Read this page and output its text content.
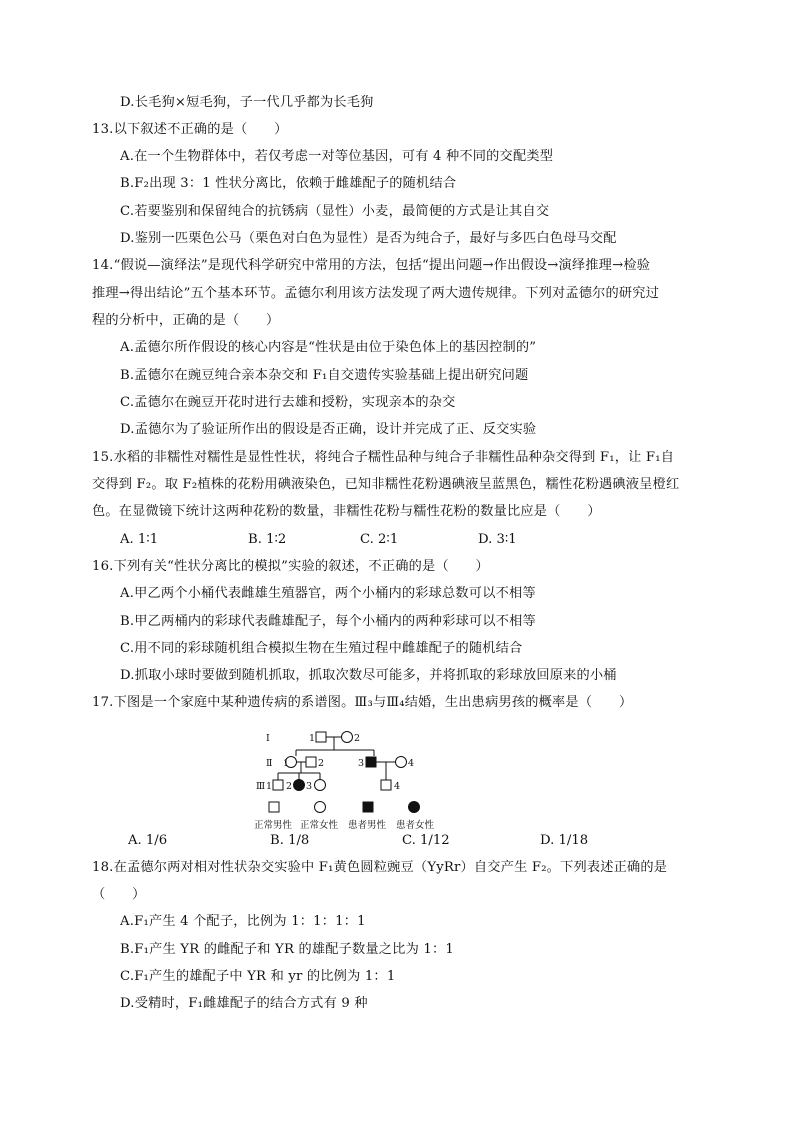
D.长毛狗×短毛狗，子一代几乎都为长毛狗
13.以下叙述不正确的是（　　）
A.在一个生物群体中，若仅考虑一对等位基因，可有 4 种不同的交配类型
B.F₂出现 3：1 性状分离比，依赖于雌雄配子的随机结合
C.若要鉴别和保留纯合的抗锈病（显性）小麦，最简便的方式是让其自交
D.鉴别一匹栗色公马（栗色对白色为显性）是否为纯合子，最好与多匹白色母马交配
14.“假说—演绎法”是现代科学研究中常用的方法，包括“提出问题→作出假设→演绎推理→检验
推理→得出结论”五个基本环节。孟德尔利用该方法发现了两大遗传规律。下列对孟德尔的研究过
程的分析中，正确的是（　　）
A.孟德尔所作假设的核心内容是“性状是由位于染色体上的基因控制的”
B.孟德尔在豌豆纯合亲本杂交和 F₁自交遗传实验基础上提出研究问题
C.孟德尔在豌豆开花时进行去雄和授粉，实现亲本的杂交
D.孟德尔为了验证所作出的假设是否正确，设计并完成了正、反交实验
15.水稻的非糯性对糯性是显性性状，将纯合子糯性品种与纯合子非糯性品种杂交得到 F₁，让 F₁自
交得到 F₂。取 F₂植株的花粉用碘液染色，已知非糯性花粉遇碘液呈蓝黑色，糯性花粉遇碘液呈橙红
色。在显微镜下统计这两种花粉的数量，非糯性花粉与糯性花粉的数量比应是（　　）
A. 1∶1	B. 1∶2	C. 2∶1	D. 3∶1
16.下列有关“性状分离比的模拟”实验的叙述，不正确的是（　　）
A.甲乙两个小桶代表雌雄生殖器官，两个小桶内的彩球总数可以不相等
B.甲乙两桶内的彩球代表雌雄配子，每个小桶内的两种彩球可以不相等
C.用不同的彩球随机组合模拟生物在生殖过程中雌雄配子的随机结合
D.抓取小球时要做到随机抓取，抓取次数尽可能多，并将抓取的彩球放回原来的小桶
17.下图是一个家庭中某种遗传病的系谱图。Ⅲ₃与Ⅲ₄结婚，生出患病男孩的概率是（　　）
Ⅰ
Ⅱ
Ⅲ
1	2
1	2	3	4
1 2 3	4
正常男性 正常女性 患者男性 患者女性
A. 1/6	B. 1/8	C. 1/12	D. 1/18
18.在孟德尔两对相对性状杂交实验中 F₁黄色圆粒豌豆（YyRr）自交产生 F₂。下列表述正确的是
（　　）
A.F₁产生 4 个配子，比例为 1：1：1：1
B.F₁产生 YR 的雌配子和 YR 的雄配子数量之比为 1：1
C.F₁产生的雄配子中 YR 和 yr 的比例为 1：1
D.受精时，F₁雌雄配子的结合方式有 9 种
